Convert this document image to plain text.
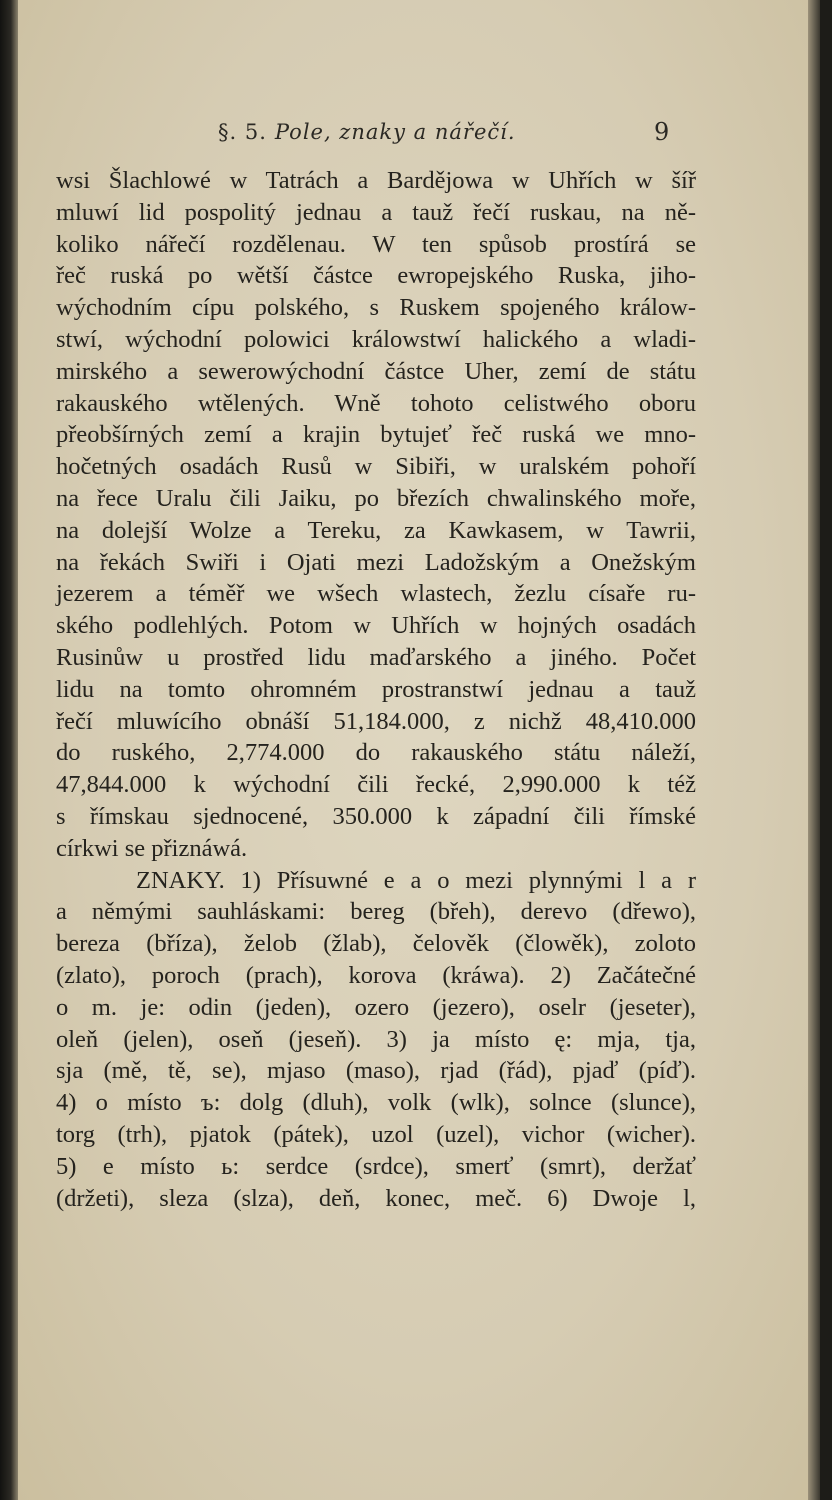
§. 5. Pole, znaky a nářečí.	9
wsi Šlachlowé w Tatrách a Bardějowa w Uhřích w šíř
mluwí lid pospolitý jednau a tauž řečí ruskau, na ně-
koliko nářečí rozdělenau. W ten spůsob prostírá se
řeč ruská po wětší částce ewropejského Ruska, jiho-
wýchodním cípu polského, s Ruskem spojeného králow-
stwí, wýchodní polowici králowstwí halického a wladi-
mirského a sewerowýchodní částce Uher, zemí de státu
rakauského wtělených. Wně tohoto celistwého oboru
přeobšírných zemí a krajin bytujeť řeč ruská we mno-
hočetných osadách Rusů w Sibiři, w uralském pohoří
na řece Uralu čili Jaiku, po březích chwalinského moře,
na dolejší Wolze a Tereku, za Kawkasem, w Tawrii,
na řekách Swiři i Ojati mezi Ladožským a Onežským
jezerem a téměř we wšech wlastech, žezlu císaře ru-
ského podlehlých. Potom w Uhřích w hojných osadách
Rusinůw u prostřed lidu maďarského a jiného. Počet
lidu na tomto ohromném prostranstwí jednau a tauž
řečí mluwícího obnáší 51,184.000, z nichž 48,410.000
do ruského, 2,774.000 do rakauského státu náleží,
47,844.000 k wýchodní čili řecké, 2,990.000 k též
s římskau sjednocené, 350.000 k západní čili římské
církwi se přiznáwá.
ZNAKY. 1) Přísuwné e a o mezi plynnými l a r
a němými sauhláskami: bereg (břeh), derevo (dřewo),
bereza (bříza), želob (žlab), čelověk (člowěk), zoloto
(zlato), poroch (prach), korova (kráwa). 2) Začátečné
o m. je: odin (jeden), ozero (jezero), oselr (jeseter),
oleň (jelen), oseň (jeseň). 3) ja místo ę: mja, tja,
sja (mě, tě, se), mjaso (maso), rjad (řád), pjaď (píď).
4) o místo ъ: dolg (dluh), volk (wlk), solnce (slunce),
torg (trh), pjatok (pátek), uzol (uzel), vichor (wicher).
5) e místo ь: serdce (srdce), smerť (smrt), deržať
(držeti), sleza (slza), deň, konec, meč. 6) Dwoje l,
